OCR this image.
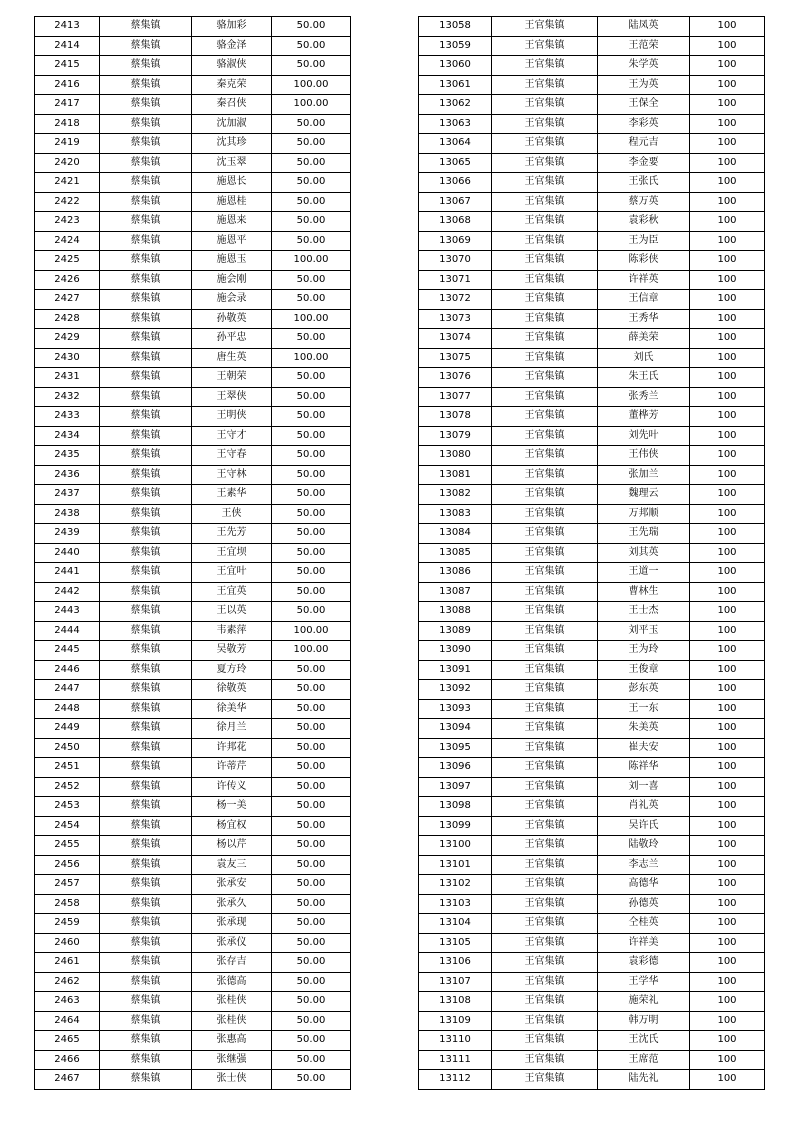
2413	蔡集镇	骆加彩	50.00
2414	蔡集镇	骆金泽	50.00
2415	蔡集镇	骆淑侠	50.00
2416	蔡集镇	秦克荣	100.00
2417	蔡集镇	秦召侠	100.00
2418	蔡集镇	沈加淑	50.00
2419	蔡集镇	沈其珍	50.00
2420	蔡集镇	沈玉翠	50.00
2421	蔡集镇	施恩长	50.00
2422	蔡集镇	施恩桂	50.00
2423	蔡集镇	施恩来	50.00
2424	蔡集镇	施恩平	50.00
2425	蔡集镇	施恩玉	100.00
2426	蔡集镇	施会刚	50.00
2427	蔡集镇	施会录	50.00
2428	蔡集镇	孙敬英	100.00
2429	蔡集镇	孙平忠	50.00
2430	蔡集镇	唐生英	100.00
2431	蔡集镇	王朝荣	50.00
2432	蔡集镇	王翠侠	50.00
2433	蔡集镇	王明侠	50.00
2434	蔡集镇	王守才	50.00
2435	蔡集镇	王守春	50.00
2436	蔡集镇	王守林	50.00
2437	蔡集镇	王素华	50.00
2438	蔡集镇	王侠	50.00
2439	蔡集镇	王先芳	50.00
2440	蔡集镇	王宜坝	50.00
2441	蔡集镇	王宜叶	50.00
2442	蔡集镇	王宜英	50.00
2443	蔡集镇	王以英	50.00
2444	蔡集镇	韦素萍	100.00
2445	蔡集镇	吴敬芳	100.00
2446	蔡集镇	夏方玲	50.00
2447	蔡集镇	徐敬英	50.00
2448	蔡集镇	徐美华	50.00
2449	蔡集镇	徐月兰	50.00
2450	蔡集镇	许邦花	50.00
2451	蔡集镇	许蒂芹	50.00
2452	蔡集镇	许传义	50.00
2453	蔡集镇	杨一美	50.00
2454	蔡集镇	杨宜权	50.00
2455	蔡集镇	杨以芹	50.00
2456	蔡集镇	袁友三	50.00
2457	蔡集镇	张承安	50.00
2458	蔡集镇	张承久	50.00
2459	蔡集镇	张承现	50.00
2460	蔡集镇	张承仪	50.00
2461	蔡集镇	张存吉	50.00
2462	蔡集镇	张德高	50.00
2463	蔡集镇	张桂侠	50.00
2464	蔡集镇	张桂侠	50.00
2465	蔡集镇	张惠高	50.00
2466	蔡集镇	张继强	50.00
2467	蔡集镇	张士侠	50.00
13058	王官集镇	陆凤英	100
13059	王官集镇	王范荣	100
13060	王官集镇	朱学英	100
13061	王官集镇	王为英	100
13062	王官集镇	王保全	100
13063	王官集镇	李彩英	100
13064	王官集镇	程元吉	100
13065	王官集镇	李金要	100
13066	王官集镇	王张氏	100
13067	王官集镇	蔡万英	100
13068	王官集镇	袁彩秋	100
13069	王官集镇	王为臣	100
13070	王官集镇	陈彩侠	100
13071	王官集镇	许祥英	100
13072	王官集镇	王信章	100
13073	王官集镇	王秀华	100
13074	王官集镇	薛美荣	100
13075	王官集镇	刘氏	100
13076	王官集镇	朱王氏	100
13077	王官集镇	张秀兰	100
13078	王官集镇	董桦芳	100
13079	王官集镇	刘先叶	100
13080	王官集镇	王伟侠	100
13081	王官集镇	张加兰	100
13082	王官集镇	魏理云	100
13083	王官集镇	万邦顺	100
13084	王官集镇	王先瑞	100
13085	王官集镇	刘其英	100
13086	王官集镇	王道一	100
13087	王官集镇	曹林生	100
13088	王官集镇	王士杰	100
13089	王官集镇	刘平玉	100
13090	王官集镇	王为玲	100
13091	王官集镇	王俊章	100
13092	王官集镇	彭东英	100
13093	王官集镇	王一东	100
13094	王官集镇	朱美英	100
13095	王官集镇	崔夫安	100
13096	王官集镇	陈祥华	100
13097	王官集镇	刘一喜	100
13098	王官集镇	肖礼英	100
13099	王官集镇	吴许氏	100
13100	王官集镇	陆敬玲	100
13101	王官集镇	李志兰	100
13102	王官集镇	高德华	100
13103	王官集镇	孙德英	100
13104	王官集镇	仝桂英	100
13105	王官集镇	许祥美	100
13106	王官集镇	袁彩德	100
13107	王官集镇	王学华	100
13108	王官集镇	施荣礼	100
13109	王官集镇	韩万明	100
13110	王官集镇	王沈氏	100
13111	王官集镇	王席范	100
13112	王官集镇	陆先礼	100
